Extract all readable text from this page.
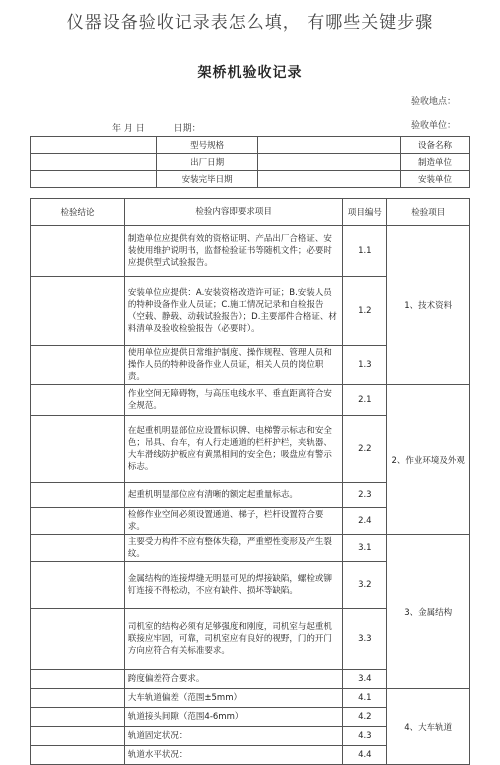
仪器设备验收记录表怎么填， 有哪些关键步骤
架桥机验收记录
验收地点：
年 月 日	日期：	验收单位：
	型号规格		设备名称
	出厂日期		制造单位
	安装完毕日期		安装单位
检验结论	检验内容即要求项目	项目编号	检验项目
	制造单位应提供有效的资格证明、产品出厂合格证、安装使用维护说明书，监督检验证书等随机文件；必要时应提供型式试验报告。	1.1	1、技术资料
	安装单位应提供：A.安装资格改造许可证；B.安装人员的特种设备作业人员证；C.施工情况记录和自检报告（空载、静载、动载试验报告）；D.主要部件合格证、材料清单及验收检验报告（必要时）。	1.2	
	使用单位应提供日常维护制度、操作规程、管理人员和操作人员的特种设备作业人员证，相关人员的岗位职责。	1.3	
	作业空间无障碍物，与高压电线水平、垂直距离符合安全规范。	2.1	2、作业环境及外观
	在起重机明显部位应设置标识牌、电梯警示标志和安全色；吊具、台车，有人行走通道的栏杆护栏，夹轨器、大车滑线防护板应有黄黑相间的安全色；吸盘应有警示标志。	2.2	
	起重机明显部位应有清晰的额定起重量标志。	2.3	
	检修作业空间必须设置通道、梯子，栏杆设置符合要求。	2.4	
	主要受力构件不应有整体失稳，严重塑性变形及产生裂纹。	3.1	3、金属结构
	金属结构的连接焊缝无明显可见的焊接缺陷，螺栓或铆钉连接不得松动，不应有缺件、损坏等缺陷。	3.2	
	司机室的结构必须有足够强度和刚度，司机室与起重机联接应牢固，可靠，司机室应有良好的视野，门的开门方向应符合有关标准要求。	3.3	
	跨度偏差符合要求。	3.4	
	大车轨道偏差（范围±5mm）	4.1	4、大车轨道
	轨道接头间隙（范围4-6mm）	4.2	
	轨道固定状况：	4.3	
	轨道水平状况：	4.4	
